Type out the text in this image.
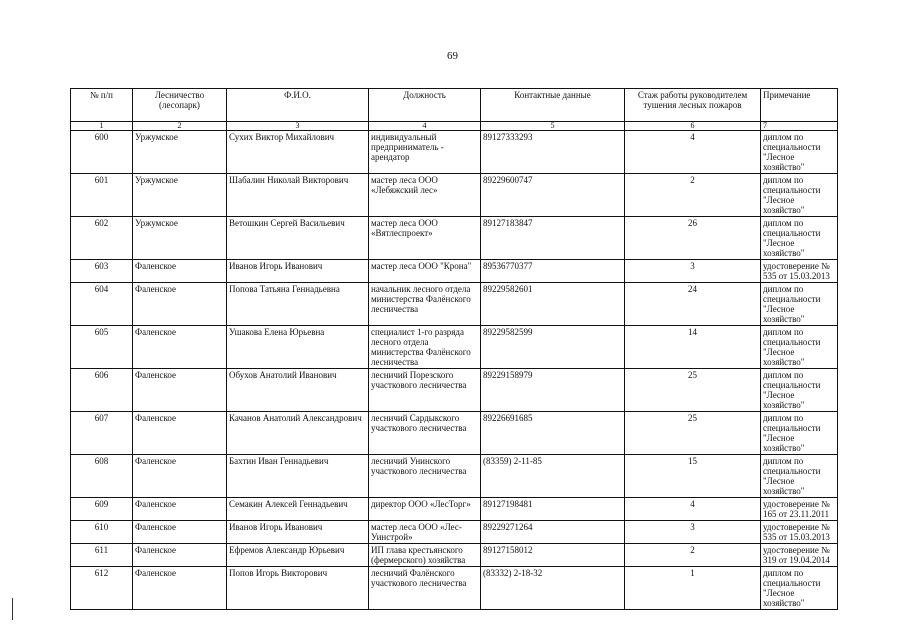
69
№ п/п	Лесничество (лесопарк)	Ф.И.О.	Должность	Контактные данные	Стаж работы руководителем тушения лесных пожаров	Примечание
1	2	3	4	5	6	7
600	Уржумское	Сухих Виктор Михайлович	индивидуальный предприниматель - арендатор	89127333293	4	диплом по специальности "Лесное хозяйство"
601	Уржумское	Шабалин Николай Викторович	мастер леса ООО «Лебяжский лес»	89229600747	2	диплом по специальности "Лесное хозяйство"
602	Уржумское	Ветошкин Сергей Васильевич	мастер леса ООО «Вятлеспроект»	89127183847	26	диплом по специальности "Лесное хозяйство"
603	Фаленское	Иванов Игорь Иванович	мастер леса ООО "Крона"	89536770377	3	удостоверение № 535 от 15.03.2013
604	Фаленское	Попова Татьяна Геннадьевна	начальник лесного отдела министерства Фалёнского лесничества	89229582601	24	диплом по специальности "Лесное хозяйство"
605	Фаленское	Ушакова Елена Юрьевна	специалист 1-го разряда лесного отдела министерства Фалёнского лесничества	89229582599	14	диплом по специальности "Лесное хозяйство"
606	Фаленское	Обухов Анатолий Иванович	лесничий Порезского участкового лесничества	89229158979	25	диплом по специальности "Лесное хозяйство"
607	Фаленское	Качанов Анатолий Александрович	лесничий Сардыкского участкового лесничества	89226691685	25	диплом по специальности "Лесное хозяйство"
608	Фаленское	Бахтин Иван Геннадьевич	лесничий Унинского участкового лесничества	(83359) 2-11-85	15	диплом по специальности "Лесное хозяйство"
609	Фаленское	Семакин Алексей Геннадьевич	директор ООО «ЛесТорг»	89127198481	4	удостоверение № 165 от 23.11.2011
610	Фаленское	Иванов Игорь Иванович	мастер леса ООО «Лес-Уинстрой»	89229271264	3	удостоверение № 535 от 15.03.2013
611	Фаленское	Ефремов Александр Юрьевич	ИП глава крестьянского (фермерского) хозяйства	89127158012	2	удостоверение № 319 от 19.04.2014
612	Фаленское	Попов Игорь Викторович	лесничий Фалёнского участкового лесничества	(83332) 2-18-32	1	диплом по специальности "Лесное хозяйство"
